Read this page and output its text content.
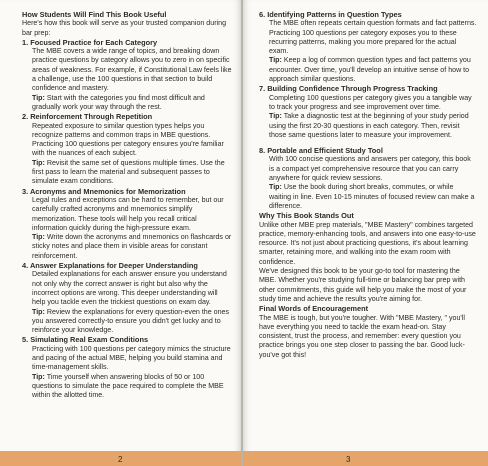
How Students Will Find This Book Useful

Here's how this book will serve as your trusted companion during bar prep:

1. Focused Practice for Each Category

The MBE covers a wide range of topics, and breaking down practice questions by category allows you to zero in on specific areas of weakness. For example, if Constitutional Law feels like a challenge, use the 100 questions in that section to build confidence and mastery.

Tip: Start with the categories you find most difficult and gradually work your way through the rest.

2. Reinforcement Through Repetition

Repeated exposure to similar question types helps you recognize patterns and common traps in MBE questions. Practicing 100 questions per category ensures you're familiar with the nuances of each subject.

Tip: Revisit the same set of questions multiple times. Use the first pass to learn the material and subsequent passes to simulate exam conditions.

3. Acronyms and Mnemonics for Memorization

Legal rules and exceptions can be hard to remember, but our carefully crafted acronyms and mnemonics simplify memorization. These tools will help you recall critical information quickly during the high-pressure exam.

Tip: Write down the acronyms and mnemonics on flashcards or sticky notes and place them in visible areas for constant reinforcement.

4. Answer Explanations for Deeper Understanding

Detailed explanations for each answer ensure you understand not only why the correct answer is right but also why the incorrect options are wrong. This deeper understanding will help you tackle even the trickiest questions on exam day.

Tip: Review the explanations for every question-even the ones you answered correctly-to ensure you didn't get lucky and to reinforce your knowledge.

5. Simulating Real Exam Conditions

Practicing with 100 questions per category mimics the structure and pacing of the actual MBE, helping you build stamina and time-management skills.

Tip: Time yourself when answering blocks of 50 or 100 questions to simulate the pace required to complete the MBE within the allotted time.

2

6. Identifying Patterns in Question Types

The MBE often repeats certain question formats and fact patterns. Practicing 100 questions per category exposes you to these recurring patterns, making you more prepared for the actual exam.

Tip: Keep a log of common question types and fact patterns you encounter. Over time, you'll develop an intuitive sense of how to approach similar questions.

7. Building Confidence Through Progress Tracking

Completing 100 questions per category gives you a tangible way to track your progress and see improvement over time.

Tip: Take a diagnostic test at the beginning of your study period using the first 20-30 questions in each category. Then, revisit those same questions later to measure your improvement.

8. Portable and Efficient Study Tool

With 100 concise questions and answers per category, this book is a compact yet comprehensive resource that you can carry anywhere for quick review sessions.

Tip: Use the book during short breaks, commutes, or while waiting in line. Even 10-15 minutes of focused review can make a difference.

Why This Book Stands Out

Unlike other MBE prep materials, "MBE Mastery" combines targeted practice, memory-enhancing tools, and answers into one easy-to-use resource. It's not just about practicing questions, it's about learning smarter, retaining more, and walking into the exam room with confidence.

We've designed this book to be your go-to tool for mastering the MBE. Whether you're studying full-time or balancing bar prep with other commitments, this guide will help you make the most of your study time and achieve the results you're aiming for.

Final Words of Encouragement

The MBE is tough, but you're tougher. With "MBE Mastery, " you'll have everything you need to tackle the exam head-on. Stay consistent, trust the process, and remember: every question you practice brings you one step closer to passing the bar. Good luck-you've got this!

3
